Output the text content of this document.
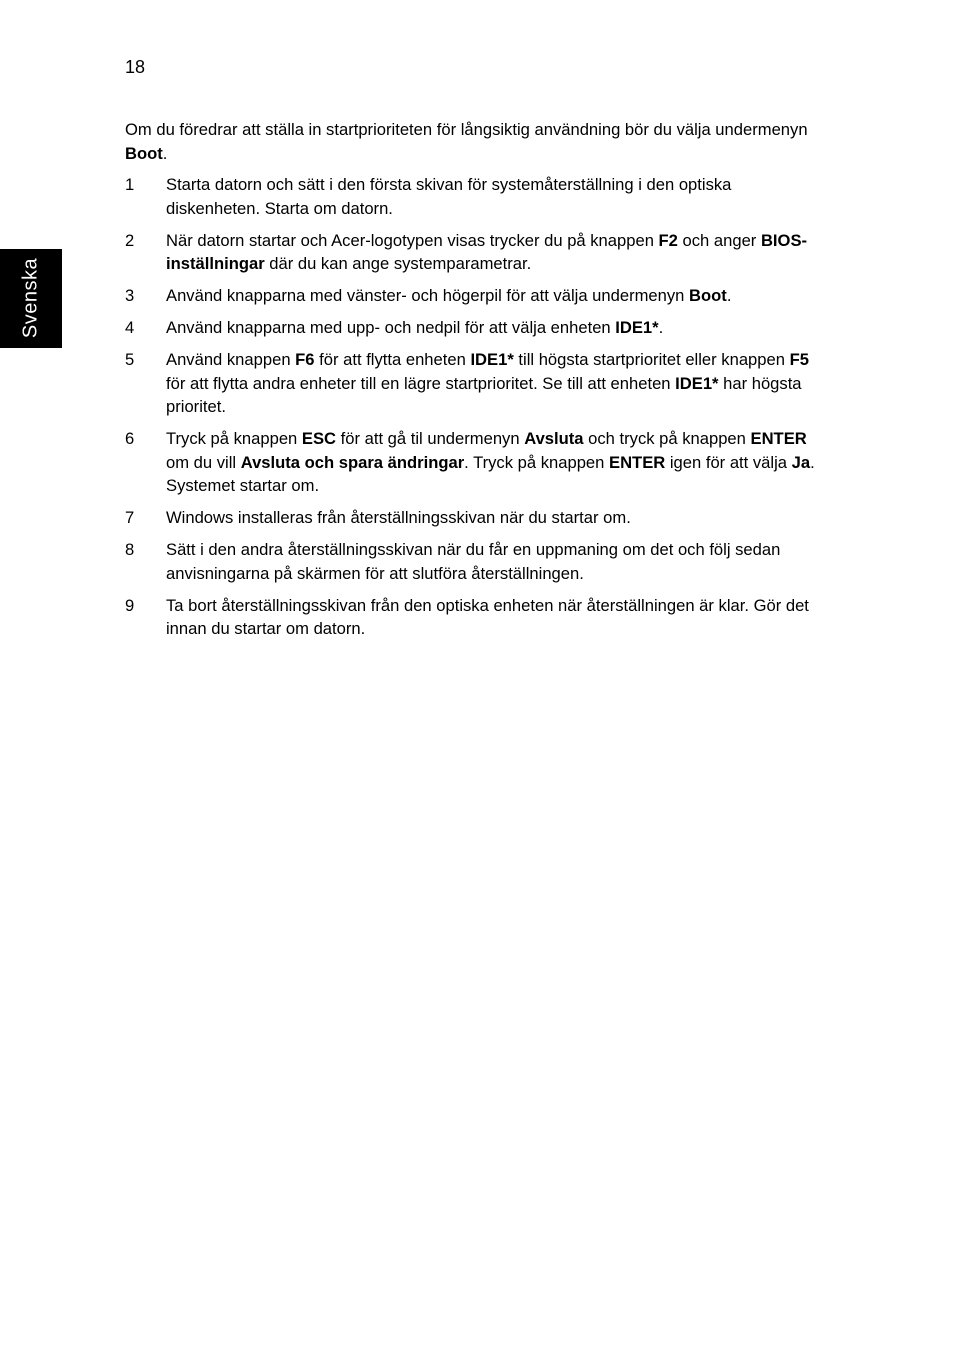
18
Svenska

Om du föredrar att ställa in startprioriteten för långsiktig användning bör du välja undermenyn Boot.

1 Starta datorn och sätt i den första skivan för systemåterställning i den optiska diskenheten. Starta om datorn.
2 När datorn startar och Acer-logotypen visas trycker du på knappen F2 och anger BIOS-inställningar där du kan ange systemparametrar.
3 Använd knapparna med vänster- och högerpil för att välja undermenyn Boot.
4 Använd knapparna med upp- och nedpil för att välja enheten IDE1*.
5 Använd knappen F6 för att flytta enheten IDE1* till högsta startprioritet eller knappen F5 för att flytta andra enheter till en lägre startprioritet. Se till att enheten IDE1* har högsta prioritet.
6 Tryck på knappen ESC för att gå til undermenyn Avsluta och tryck på knappen ENTER om du vill Avsluta och spara ändringar. Tryck på knappen ENTER igen för att välja Ja. Systemet startar om.
7 Windows installeras från återställningsskivan när du startar om.
8 Sätt i den andra återställningsskivan när du får en uppmaning om det och följ sedan anvisningarna på skärmen för att slutföra återställningen.
9 Ta bort återställningsskivan från den optiska enheten när återställningen är klar. Gör det innan du startar om datorn.
